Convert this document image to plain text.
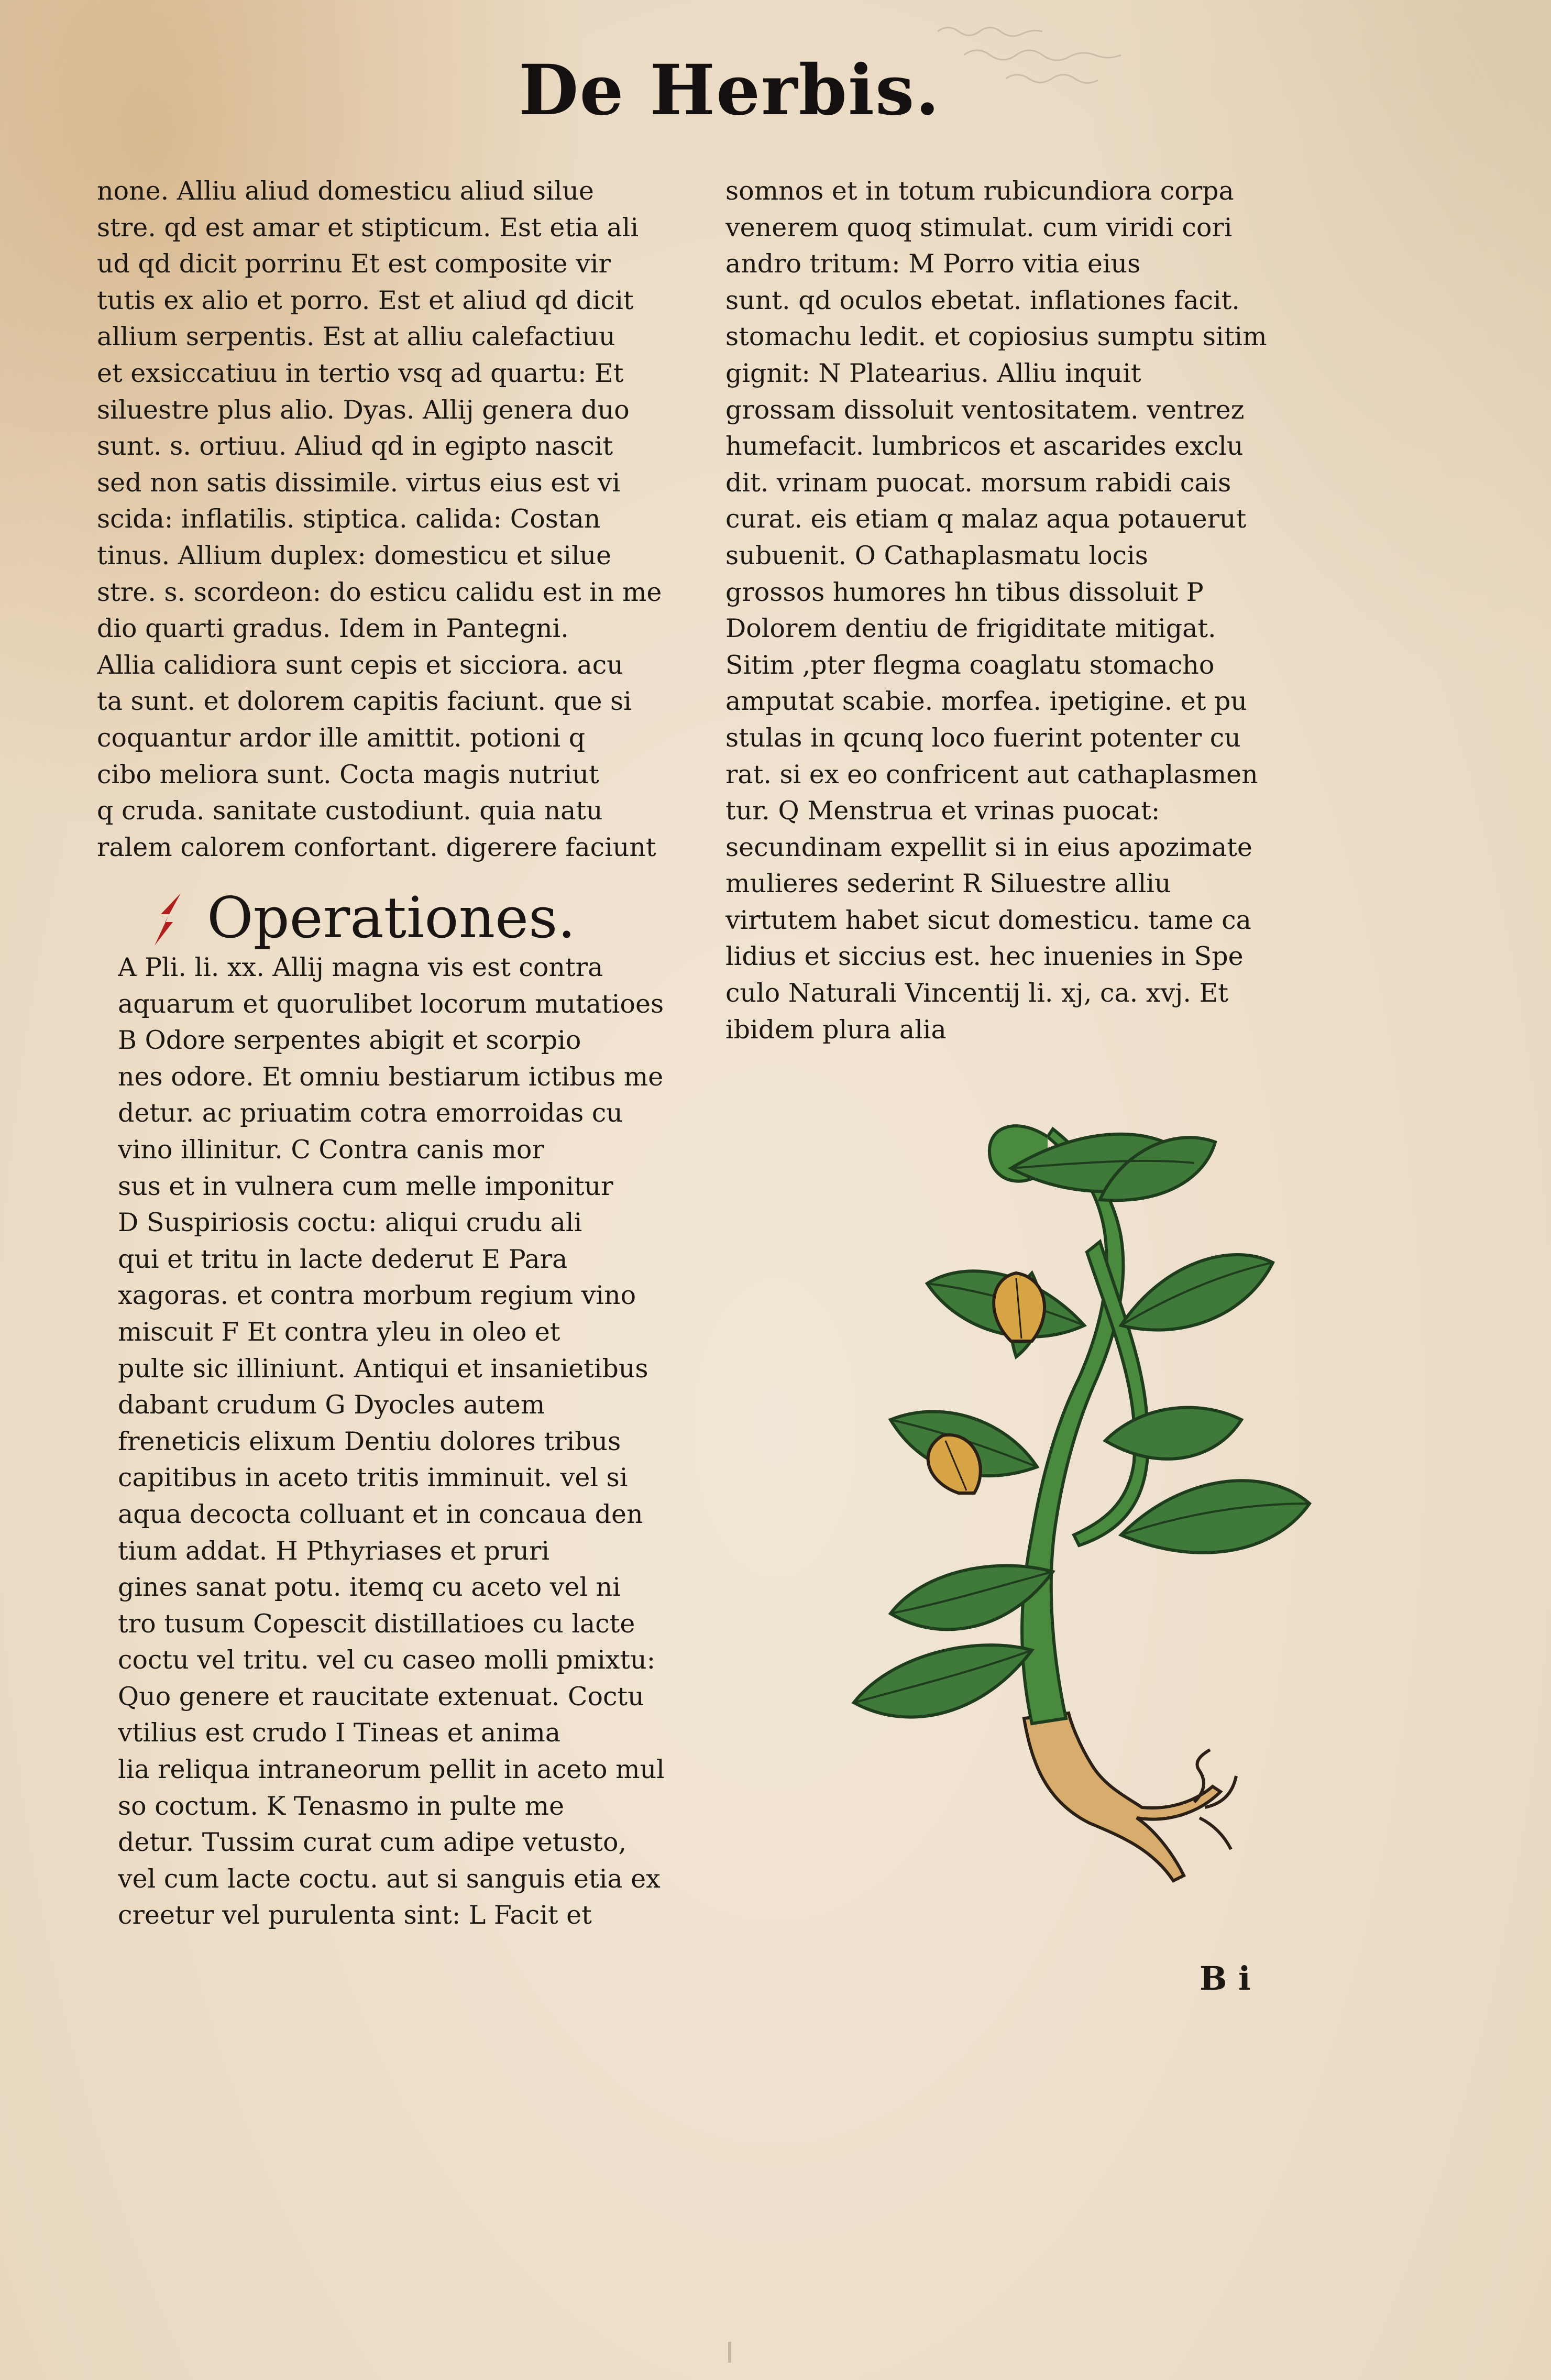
De Herbis.
none. Alliu aliud domesticu aliud silue
stre. qd est amar et stipticum. Est etia ali
ud qd dicit porrinu Et est composite vir
tutis ex alio et porro. Est et aliud qd dicit
allium serpentis. Est at alliu calefactiuu
et exsiccatiuu in tertio vsq ad quartu: Et
siluestre plus alio. Dyas. Allij genera duo
sunt. s. ortiuu. Aliud qd in egipto nascit
sed non satis dissimile. virtus eius est vi
scida: inflatilis. stiptica. calida: Costan
tinus. Allium duplex: domesticu et silue
stre. s. scordeon: do esticu calidu est in me
dio quarti gradus. Idem in Pantegni.
Allia calidiora sunt cepis et sicciora. acu
ta sunt. et dolorem capitis faciunt. que si
coquantur ardor ille amittit. potioni q
cibo meliora sunt. Cocta magis nutriut
q cruda. sanitate custodiunt. quia natu
ralem calorem confortant. digerere faciunt
Operationes.
A Pli. li. xx. Allij magna vis est contra
aquarum et quorulibet locorum mutatioes
B Odore serpentes abigit et scorpio
nes odore. Et omniu bestiarum ictibus me
detur. ac priuatim cotra emorroidas cu
vino illinitur. C Contra canis mor
sus et in vulnera cum melle imponitur
D Suspiriosis coctu: aliqui crudu ali
qui et tritu in lacte dederut E Para
xagoras. et contra morbum regium vino
miscuit F Et contra yleu in oleo et
pulte sic illiniunt. Antiqui et insanietibus
dabant crudum G Dyocles autem
freneticis elixum Dentiu dolores tribus
capitibus in aceto tritis imminuit. vel si
aqua decocta colluant et in concaua den
tium addat. H Pthyriases et pruri
gines sanat potu. itemq cu aceto vel ni
tro tusum Copescit distillatioes cu lacte
coctu vel tritu. vel cu caseo molli pmixtu:
Quo genere et raucitate extenuat. Coctu
vtilius est crudo I Tineas et anima
lia reliqua intraneorum pellit in aceto mul
so coctum. K Tenasmo in pulte me
detur. Tussim curat cum adipe vetusto,
vel cum lacte coctu. aut si sanguis etia ex
creetur vel purulenta sint: L Facit et
somnos et in totum rubicundiora corpa
venerem quoq stimulat. cum viridi cori
andro tritum: M Porro vitia eius
sunt. qd oculos ebetat. inflationes facit.
stomachu ledit. et copiosius sumptu sitim
gignit: N Platearius. Alliu inquit
grossam dissoluit ventositatem. ventrez
humefacit. lumbricos et ascarides exclu
dit. vrinam puocat. morsum rabidi cais
curat. eis etiam q malaz aqua potauerut
subuenit. O Cathaplasmatu locis
grossos humores hn tibus dissoluit P
Dolorem dentiu de frigiditate mitigat.
Sitim ,pter flegma coaglatu stomacho
amputat scabie. morfea. ipetigine. et pu
stulas in qcunq loco fuerint potenter cu
rat. si ex eo confricent aut cathaplasmen
tur. Q Menstrua et vrinas puocat:
secundinam expellit si in eius apozimate
mulieres sederint R Siluestre alliu
virtutem habet sicut domesticu. tame ca
lidius et siccius est. hec inuenies in Spe
culo Naturali Vincentij li. xj, ca. xvj. Et
ibidem plura alia
B i
